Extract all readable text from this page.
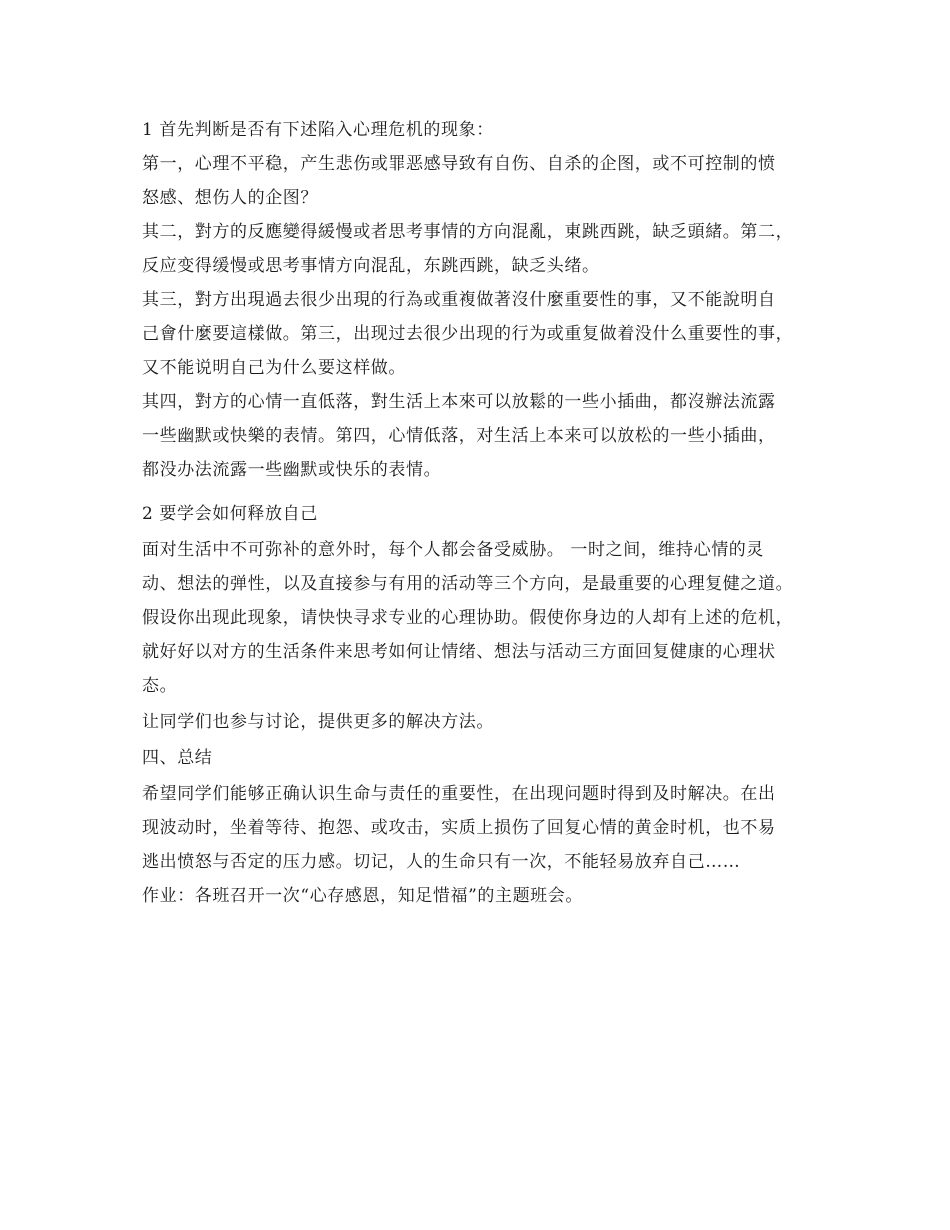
1 首先判断是否有下述陷入心理危机的现象：
第一，心理不平稳，产生悲伤或罪恶感导致有自伤、自杀的企图，或不可控制的愤
怒感、想伤人的企图？
其二，對方的反應變得緩慢或者思考事情的方向混亂，東跳西跳，缺乏頭緒。第二，
反应变得缓慢或思考事情方向混乱，东跳西跳，缺乏头绪。
其三，對方出現過去很少出現的行為或重複做著沒什麼重要性的事，又不能說明自
己會什麼要這樣做。第三，出现过去很少出现的行为或重复做着没什么重要性的事，
又不能说明自己为什么要这样做。
其四，對方的心情一直低落，對生活上本來可以放鬆的一些小插曲，都沒辦法流露
一些幽默或快樂的表情。第四，心情低落，对生活上本来可以放松的一些小插曲，
都没办法流露一些幽默或快乐的表情。
2 要学会如何释放自己
面对生活中不可弥补的意外时，每个人都会备受威胁。 一时之间，维持心情的灵
动、想法的弹性，以及直接参与有用的活动等三个方向，是最重要的心理复健之道。
假设你出现此现象，请快快寻求专业的心理协助。假使你身边的人却有上述的危机，
就好好以对方的生活条件来思考如何让情绪、想法与活动三方面回复健康的心理状
态。
让同学们也参与讨论，提供更多的解决方法。
四、总结
希望同学们能够正确认识生命与责任的重要性，在出现问题时得到及时解决。在出
现波动时，坐着等待、抱怨、或攻击，实质上损伤了回复心情的黄金时机，也不易
逃出愤怒与否定的压力感。切记，人的生命只有一次，不能轻易放弃自己……
作业：各班召开一次“心存感恩，知足惜福”的主题班会。
